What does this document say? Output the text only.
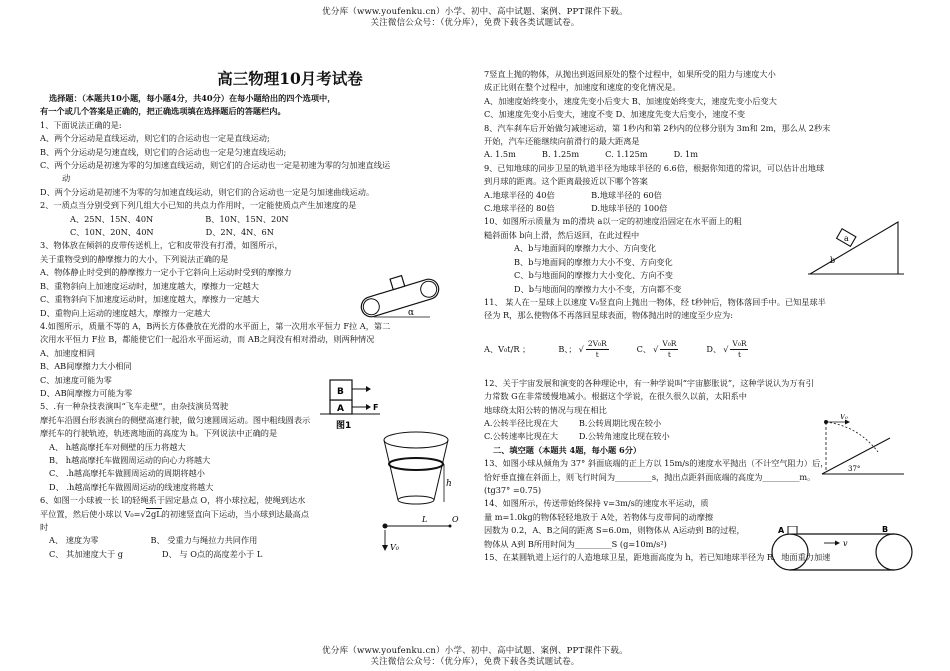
优分库（www.youfenku.cn）小学、初中、高中试题、案例、PPT课件下载。
关注微信公众号：（优分库），免费下载各类试题试卷。
高三物理10月考试卷
选择题：（本题共10小题，每小题4分，共40分）在每小题给出的四个选项中，
有一个或几个答案是正确的，把正确选项填在选择题后的答题栏内。
1、下面说法正确的是:
A、两个分运动是直线运动，则它们的合运动也一定是直线运动;
B、两个分运动是匀速直线，则它们的合运动也一定是匀速直线运动;
C、两个分运动是初速为零的匀加速直线运动，则它们的合运动也一定是初速为零的匀加速直线运
动
D、两个分运动是初速不为零的匀加速直线运动，则它们的合运动也一定是匀加速曲线运动。
2、一质点当分别受到下列几组大小已知的共点力作用时，一定能使质点产生加速度的是
A、25N、15N、40N                    B、10N、15N、20N
C、10N、20N、40N                    D、2N、4N、6N
3、物体放在倾斜的皮带传送机上，它和皮带没有打滑，如图所示，
关于重物受到的静摩擦力的大小，下列说法正确的是
A、物体静止时受到的静摩擦力一定小于它斜向上运动时受到的摩擦力
B、重物斜向上加速度运动时，加速度越大，摩擦力一定越大
C、重物斜向下加速度运动时，加速度越大，摩擦力一定越大
D、重物向上运动的速度越大，摩擦力一定越大
4.如图所示，质量不等的 A，B两长方体叠放在光滑的水平面上，第一次用水平恒力 F拉 A，第二
次用水平恒力 F拉 B，都能使它们一起沿水平面运动，而 AB之间没有相对滑动，则两种情况
A、加速度相同
B、AB间摩擦力大小相同
C、加速度可能为零
D、AB间摩擦力可能为零
5、.有一种杂技表演叫“飞车走壁”，由杂技演员驾驶
摩托车沿圆台形表演台的侧壁高速行驶，做匀速圆周运动。图中粗线圆表示
摩托车的行驶轨迹，轨迹离地面的高度为 h。下列说法中正确的是
A、 h越高摩托车对侧壁的压力将越大
B、 h越高摩托车做圆周运动的向心力将越大
C、 .h越高摩托车做圆周运动的周期将越小
D、 .h越高摩托车做圆周运动的线速度将越大
6、如图一小球被一长 l的轻绳系于固定悬点 O，将小球拉起，使绳到达水
平位置，然后使小球以 V₀=√2gL的初速竖直向下运动，当小球到达最高点
时
A、 速度为零                    B、 受重力与绳拉力共同作用
C、 其加速度大于 g               D、 与 O点的高度差小于 L
α
A
B
F
图1
h
L	O
V₀
7竖直上抛的物体，从抛出到返回原处的整个过程中，如果所受的阻力与速度大小
成正比则在整个过程中，加速度和速度的变化情况是。
A、加速度始终变小，速度先变小后变大 B、加速度始终变大，速度先变小后变大
C、加速度先变小后变大，速度不变 D、加速度先变大后变小，速度不变
8、汽车刹车后开始做匀减速运动，第 1秒内和第 2秒内的位移分别为 3m和 2m，那么从 2秒末
开始，汽车还能继续向前滑行的最大距离是
A. 1.5m          B. 1.25m          C. 1.125m          D. 1m
9、已知地球的同步卫星的轨道半径为地球半径的 6.6倍，根据你知道的常识，可以估计出地球
到月球的距离。这个距离最接近以下哪个答案
A.地球半径的 40倍              B.地球半径的 60倍
C.地球半径的 80倍              D.地球半径的 100倍
10、如图所示质量为 m的滑块 a以一定的初速度沿固定在水平面上的粗
糙斜面体 b向上滑，然后返回，在此过程中
A、b与地面间的摩擦力大小、方向变化
B、b与地面间的摩擦力大小不变、方向变化
C、b与地面间的摩擦力大小变化、方向不变
D、b与地面间的摩擦力大小不变，方向都不变
11、 某人在一星球上以速度 V₀竖直向上抛出一物体，经 t秒钟后，物体落回手中。已知星球半
径为 R，那么使物体不再落回星球表面，物体抛出时的速度至少应为:
A、V₀t/R ；	B、； √ $\frac{\text{2V₀R}}{t}$	C、 √ $\frac{\text{V₀R}}{t}$	D、 √ $\frac{\text{V₀R}}{t}$
12、关于宇宙发展和演变的各种理论中，有一种学说叫“宇宙膨胀说”，这种学说认为万有引
力常数 G在非常缓慢地减小。根据这个学说，在很久很久以前，太阳系中
地球绕太阳公转的情况与现在相比
A.公转半径比现在大        B.公转周期比现在较小
C.公转速率比现在大        D.公转角速度比现在较小
二、填空题（本题共 4题，每小题 6分）
13、如图小球从倾角为 37° 斜面底端的正上方以 15m/s的速度水平抛出（不计空气阻力）后，
恰好垂直撞在斜面上，则飞行时间为_________s，抛出点距斜面底端的高度为_________m。
(tg37° =0.75)
14、如图所示，传送带始终保持 v=3m/s的速度水平运动，质
量 m=1.0kg的物体轻轻地放于 A处，若物体与皮带间的动摩擦
因数为 0.2，A、B之间的距离 S=6.0m，则物体从 A运动到 B的过程，
物体从 A到 B所用时间为_________S (g=10m/s²)
15、在某圆轨道上运行的人造地球卫星，距地面高度为 h，若已知地球半径为 R，地面重力加速
a
b
V₀
37°
A	B
v
优分库（www.youfenku.cn）小学、初中、高中试题、案例、PPT课件下载。
关注微信公众号：（优分库），免费下载各类试题试卷。
